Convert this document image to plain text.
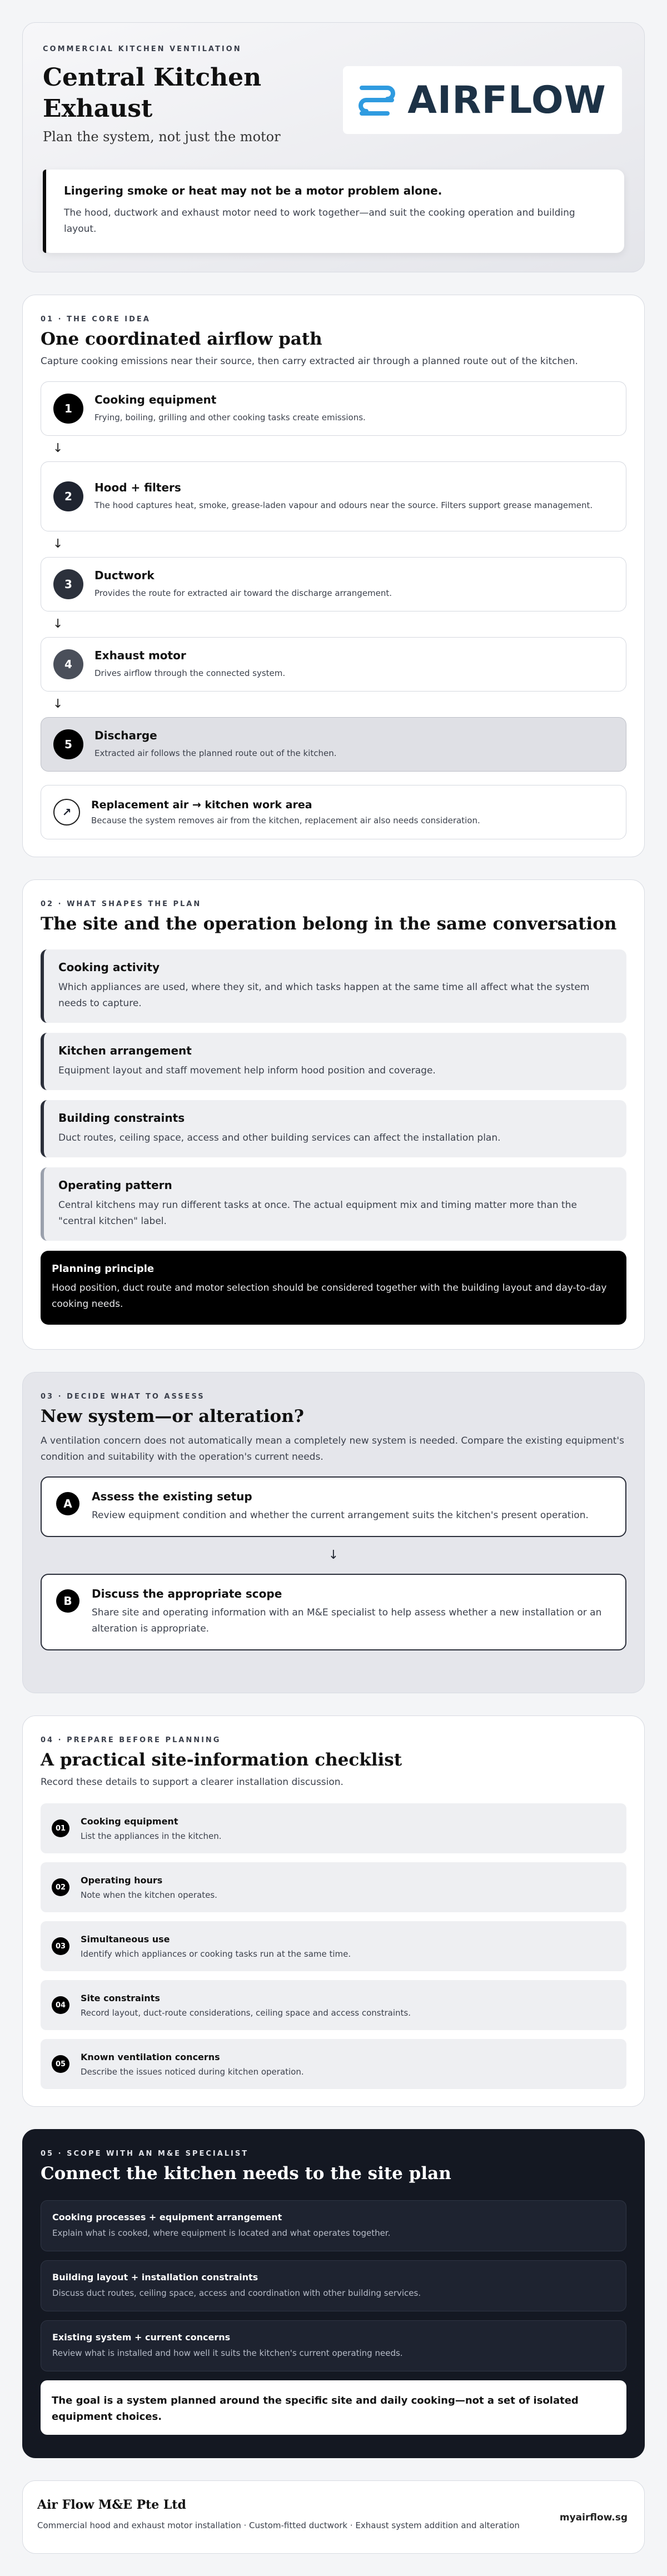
COMMERCIAL KITCHEN VENTILATION
Central Kitchen Exhaust
Plan the system, not just the motor
AIRFLOW
Lingering smoke or heat may not be a motor problem alone.
The hood, ductwork and exhaust motor need to work together—and suit the cooking operation and building layout.
01 · THE CORE IDEA
One coordinated airflow path
Capture cooking emissions near their source, then carry extracted air through a planned route out of the kitchen.
1
Cooking equipment
Frying, boiling, grilling and other cooking tasks create emissions.
↓
2
Hood + filters
The hood captures heat, smoke, grease-laden vapour and odours near the source. Filters support grease management.
↓
3
Ductwork
Provides the route for extracted air toward the discharge arrangement.
↓
4
Exhaust motor
Drives airflow through the connected system.
↓
5
Discharge
Extracted air follows the planned route out of the kitchen.
↗
Replacement air → kitchen work area
Because the system removes air from the kitchen, replacement air also needs consideration.
02 · WHAT SHAPES THE PLAN
The site and the operation belong in the same conversation
Cooking activity
Which appliances are used, where they sit, and which tasks happen at the same time all affect what the system needs to capture.
Kitchen arrangement
Equipment layout and staff movement help inform hood position and coverage.
Building constraints
Duct routes, ceiling space, access and other building services can affect the installation plan.
Operating pattern
Central kitchens may run different tasks at once. The actual equipment mix and timing matter more than the "central kitchen" label.
Planning principle
Hood position, duct route and motor selection should be considered together with the building layout and day-to-day cooking needs.
03 · DECIDE WHAT TO ASSESS
New system—or alteration?
A ventilation concern does not automatically mean a completely new system is needed. Compare the existing equipment's condition and suitability with the operation's current needs.
A
Assess the existing setup
Review equipment condition and whether the current arrangement suits the kitchen's present operation.
↓
B
Discuss the appropriate scope
Share site and operating information with an M&E specialist to help assess whether a new installation or an alteration is appropriate.
04 · PREPARE BEFORE PLANNING
A practical site-information checklist
Record these details to support a clearer installation discussion.
01
Cooking equipment
List the appliances in the kitchen.
02
Operating hours
Note when the kitchen operates.
03
Simultaneous use
Identify which appliances or cooking tasks run at the same time.
04
Site constraints
Record layout, duct-route considerations, ceiling space and access constraints.
05
Known ventilation concerns
Describe the issues noticed during kitchen operation.
05 · SCOPE WITH AN M&E SPECIALIST
Connect the kitchen needs to the site plan
Cooking processes + equipment arrangement
Explain what is cooked, where equipment is located and what operates together.
Building layout + installation constraints
Discuss duct routes, ceiling space, access and coordination with other building services.
Existing system + current concerns
Review what is installed and how well it suits the kitchen's current operating needs.
The goal is a system planned around the specific site and daily cooking—not a set of isolated equipment choices.
Air Flow M&E Pte Ltd
Commercial hood and exhaust motor installation · Custom-fitted ductwork · Exhaust system addition and alteration
myairflow.sg
